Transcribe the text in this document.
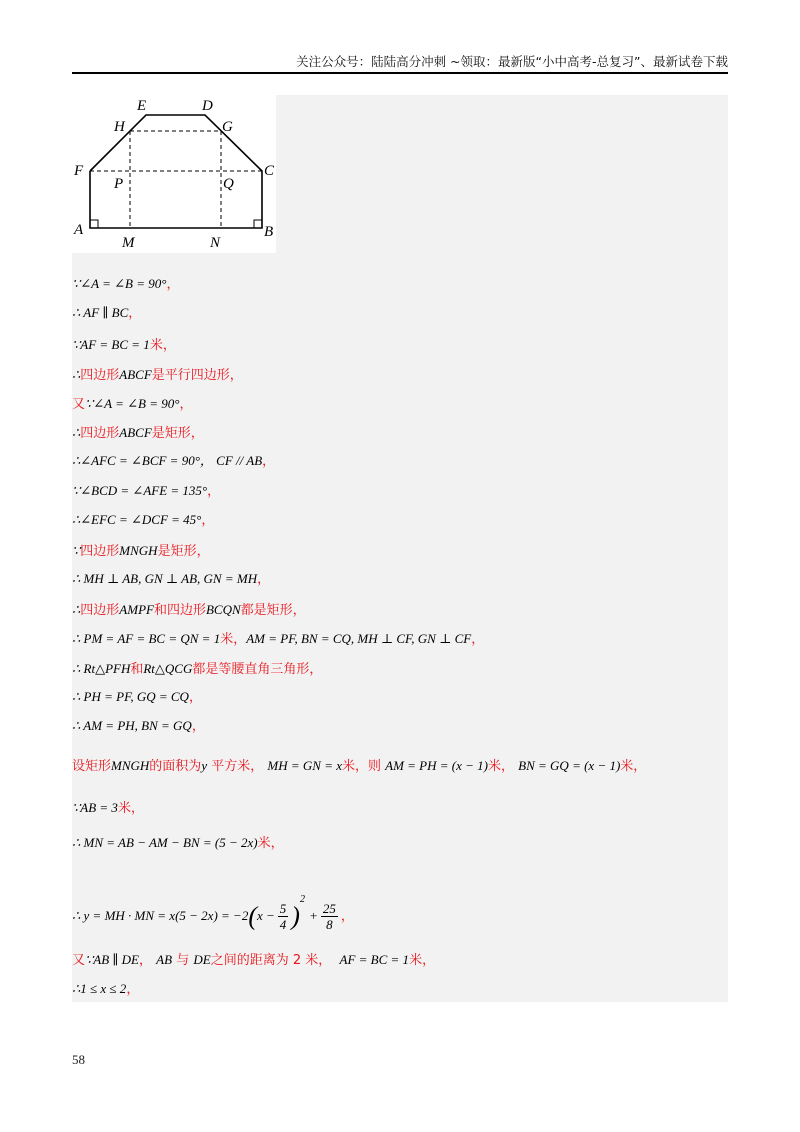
关注公众号：陆陆高分冲刺 ~领取：最新版“小中高考-总复习”、最新试卷下载
E	D
H	G
F	C
P	Q
A	B
M	N
∵∠A = ∠B = 90°，
∴ AF ∥ BC，
∵AF = BC = 1米，
∴四边形ABCF是平行四边形，
又∵∠A = ∠B = 90°，
∴四边形ABCF是矩形，
∴∠AFC = ∠BCF = 90°， CF // AB，
∵∠BCD = ∠AFE = 135°，
∴∠EFC = ∠DCF = 45°，
∵四边形MNGH是矩形，
∴ MH ⊥ AB, GN ⊥ AB, GN = MH，
∴四边形AMPF和四边形BCQN都是矩形，
∴ PM = AF = BC = QN = 1米，AM = PF, BN = CQ, MH ⊥ CF, GN ⊥ CF，
∴ Rt△PFH和Rt△QCG都是等腰直角三角形，
∴ PH = PF, GQ = CQ，
∴ AM = PH, BN = GQ，
设矩形MNGH的面积为y 平方米， MH = GN = x米，则 AM = PH = (x − 1)米， BN = GQ = (x − 1)米，
∵AB = 3米，
∴ MN = AB − AM − BN = (5 − 2x)米，
∴ y = MH · MN = $x(5 - 2x) = -2(x - \frac{5}{4} )^2 + \frac{25}{8}$ ，
又∵AB ∥ DE， AB 与 DE之间的距离为 2 米， AF = BC = 1米，
∴1 ≤ x ≤ 2，
58
